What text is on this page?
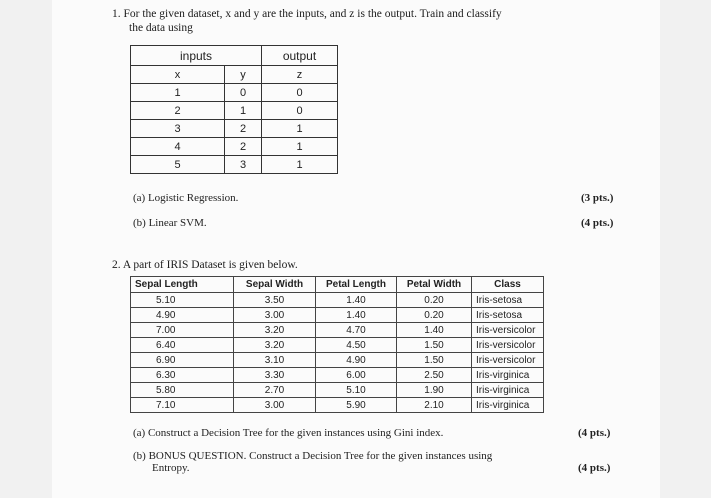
1. For the given dataset, x and y are the inputs, and z is the output. Train and classify
the data using
inputs		output
x	y	z
1	0	0
2	1	0
3	2	1
4	2	1
5	3	1
(a) Logistic Regression.	(3 pts.)
(b) Linear SVM.	(4 pts.)
2. A part of IRIS Dataset is given below.
Sepal Length	Sepal Width	Petal Length	Petal Width	Class
5.10	3.50	1.40	0.20	Iris-setosa
4.90	3.00	1.40	0.20	Iris-setosa
7.00	3.20	4.70	1.40	Iris-versicolor
6.40	3.20	4.50	1.50	Iris-versicolor
6.90	3.10	4.90	1.50	Iris-versicolor
6.30	3.30	6.00	2.50	Iris-virginica
5.80	2.70	5.10	1.90	Iris-virginica
7.10	3.00	5.90	2.10	Iris-virginica
(a) Construct a Decision Tree for the given instances using Gini index.	(4 pts.)
(b) BONUS QUESTION. Construct a Decision Tree for the given instances using
Entropy.	(4 pts.)
